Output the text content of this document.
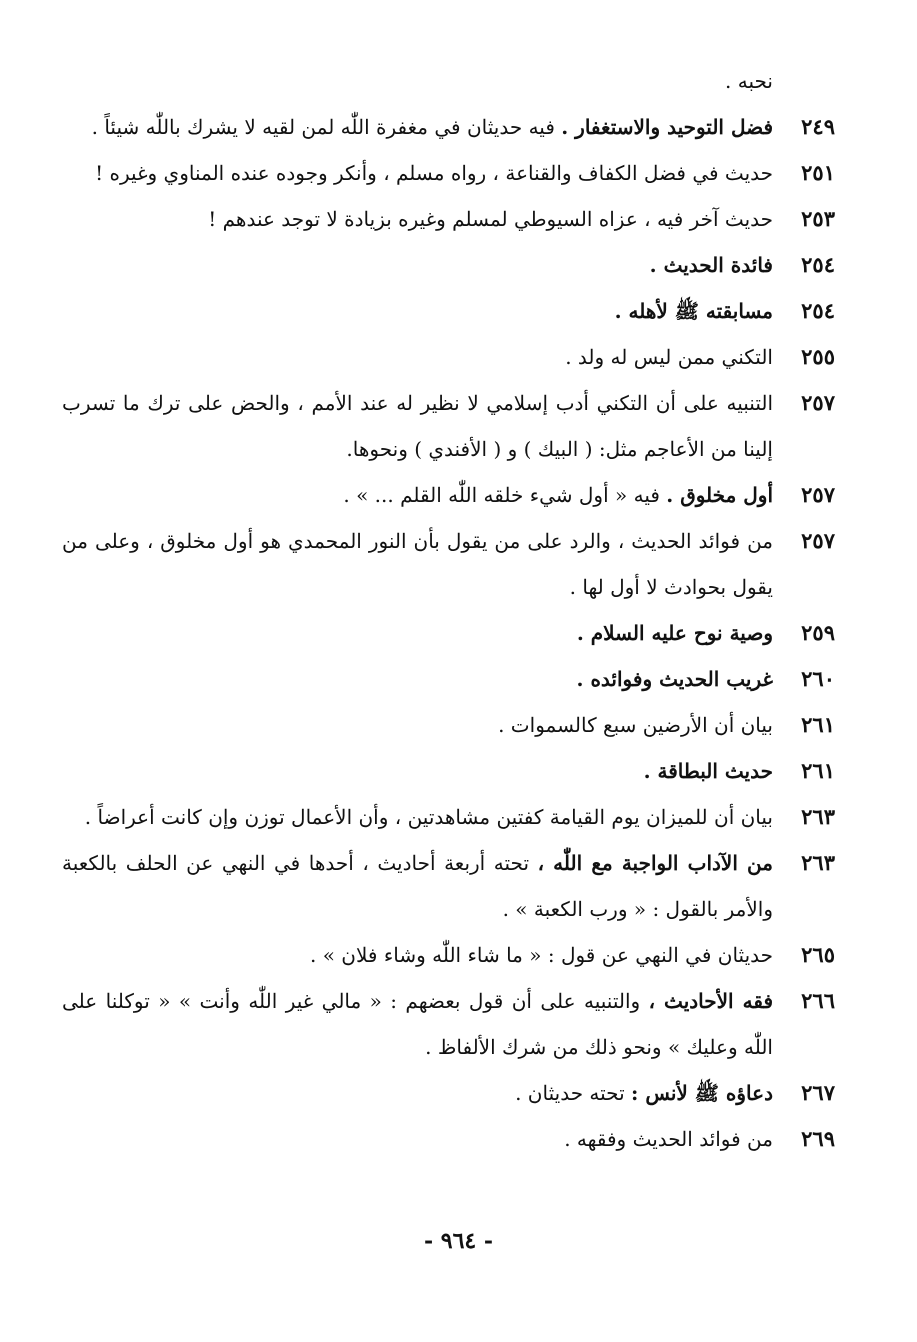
نحبه .
٢٤٩
فضل التوحيد والاستغفار . فيه حديثان في مغفرة اللّٰه لمن لقيه لا يشرك باللّٰه شيئاً .
٢٥١
حديث في فضل الكفاف والقناعة ، رواه مسلم ، وأنكر وجوده عنده المناوي وغيره !
٢٥٣
حديث آخر فيه ، عزاه السيوطي لمسلم وغيره بزيادة لا توجد عندهم !
٢٥٤
فائدة الحديث .
٢٥٤
مسابقته ﷺ لأهله .
٢٥٥
التكني ممن ليس له ولد .
٢٥٧
التنبيه على أن التكني أدب إسلامي لا نظير له عند الأمم ، والحض على ترك ما تسرب إلينا من الأعاجم مثل: ( البيك ) و ( الأفندي ) ونحوها.
٢٥٧
أول مخلوق . فيه « أول شيء خلقه اللّٰه القلم ... » .
٢٥٧
من فوائد الحديث ، والرد على من يقول بأن النور المحمدي هو أول مخلوق ، وعلى من يقول بحوادث لا أول لها .
٢٥٩
وصية نوح عليه السلام .
٢٦٠
غريب الحديث وفوائده .
٢٦١
بيان أن الأرضين سبع كالسموات .
٢٦١
حديث البطاقة .
٢٦٣
بيان أن للميزان يوم القيامة كفتين مشاهدتين ، وأن الأعمال توزن وإن كانت أعراضاً .
٢٦٣
من الآداب الواجبة مع اللّٰه ، تحته أربعة أحاديث ، أحدها في النهي عن الحلف بالكعبة والأمر بالقول : « ورب الكعبة » .
٢٦٥
حديثان في النهي عن قول : « ما شاء اللّٰه وشاء فلان » .
٢٦٦
فقه الأحاديث ، والتنبيه على أن قول بعضهم : « مالي غير اللّٰه وأنت » « توكلنا على اللّٰه وعليك » ونحو ذلك من شرك الألفاظ .
٢٦٧
دعاؤه ﷺ لأنس : تحته حديثان .
٢٦٩
من فوائد الحديث وفقهه .
- ٩٦٤ -
